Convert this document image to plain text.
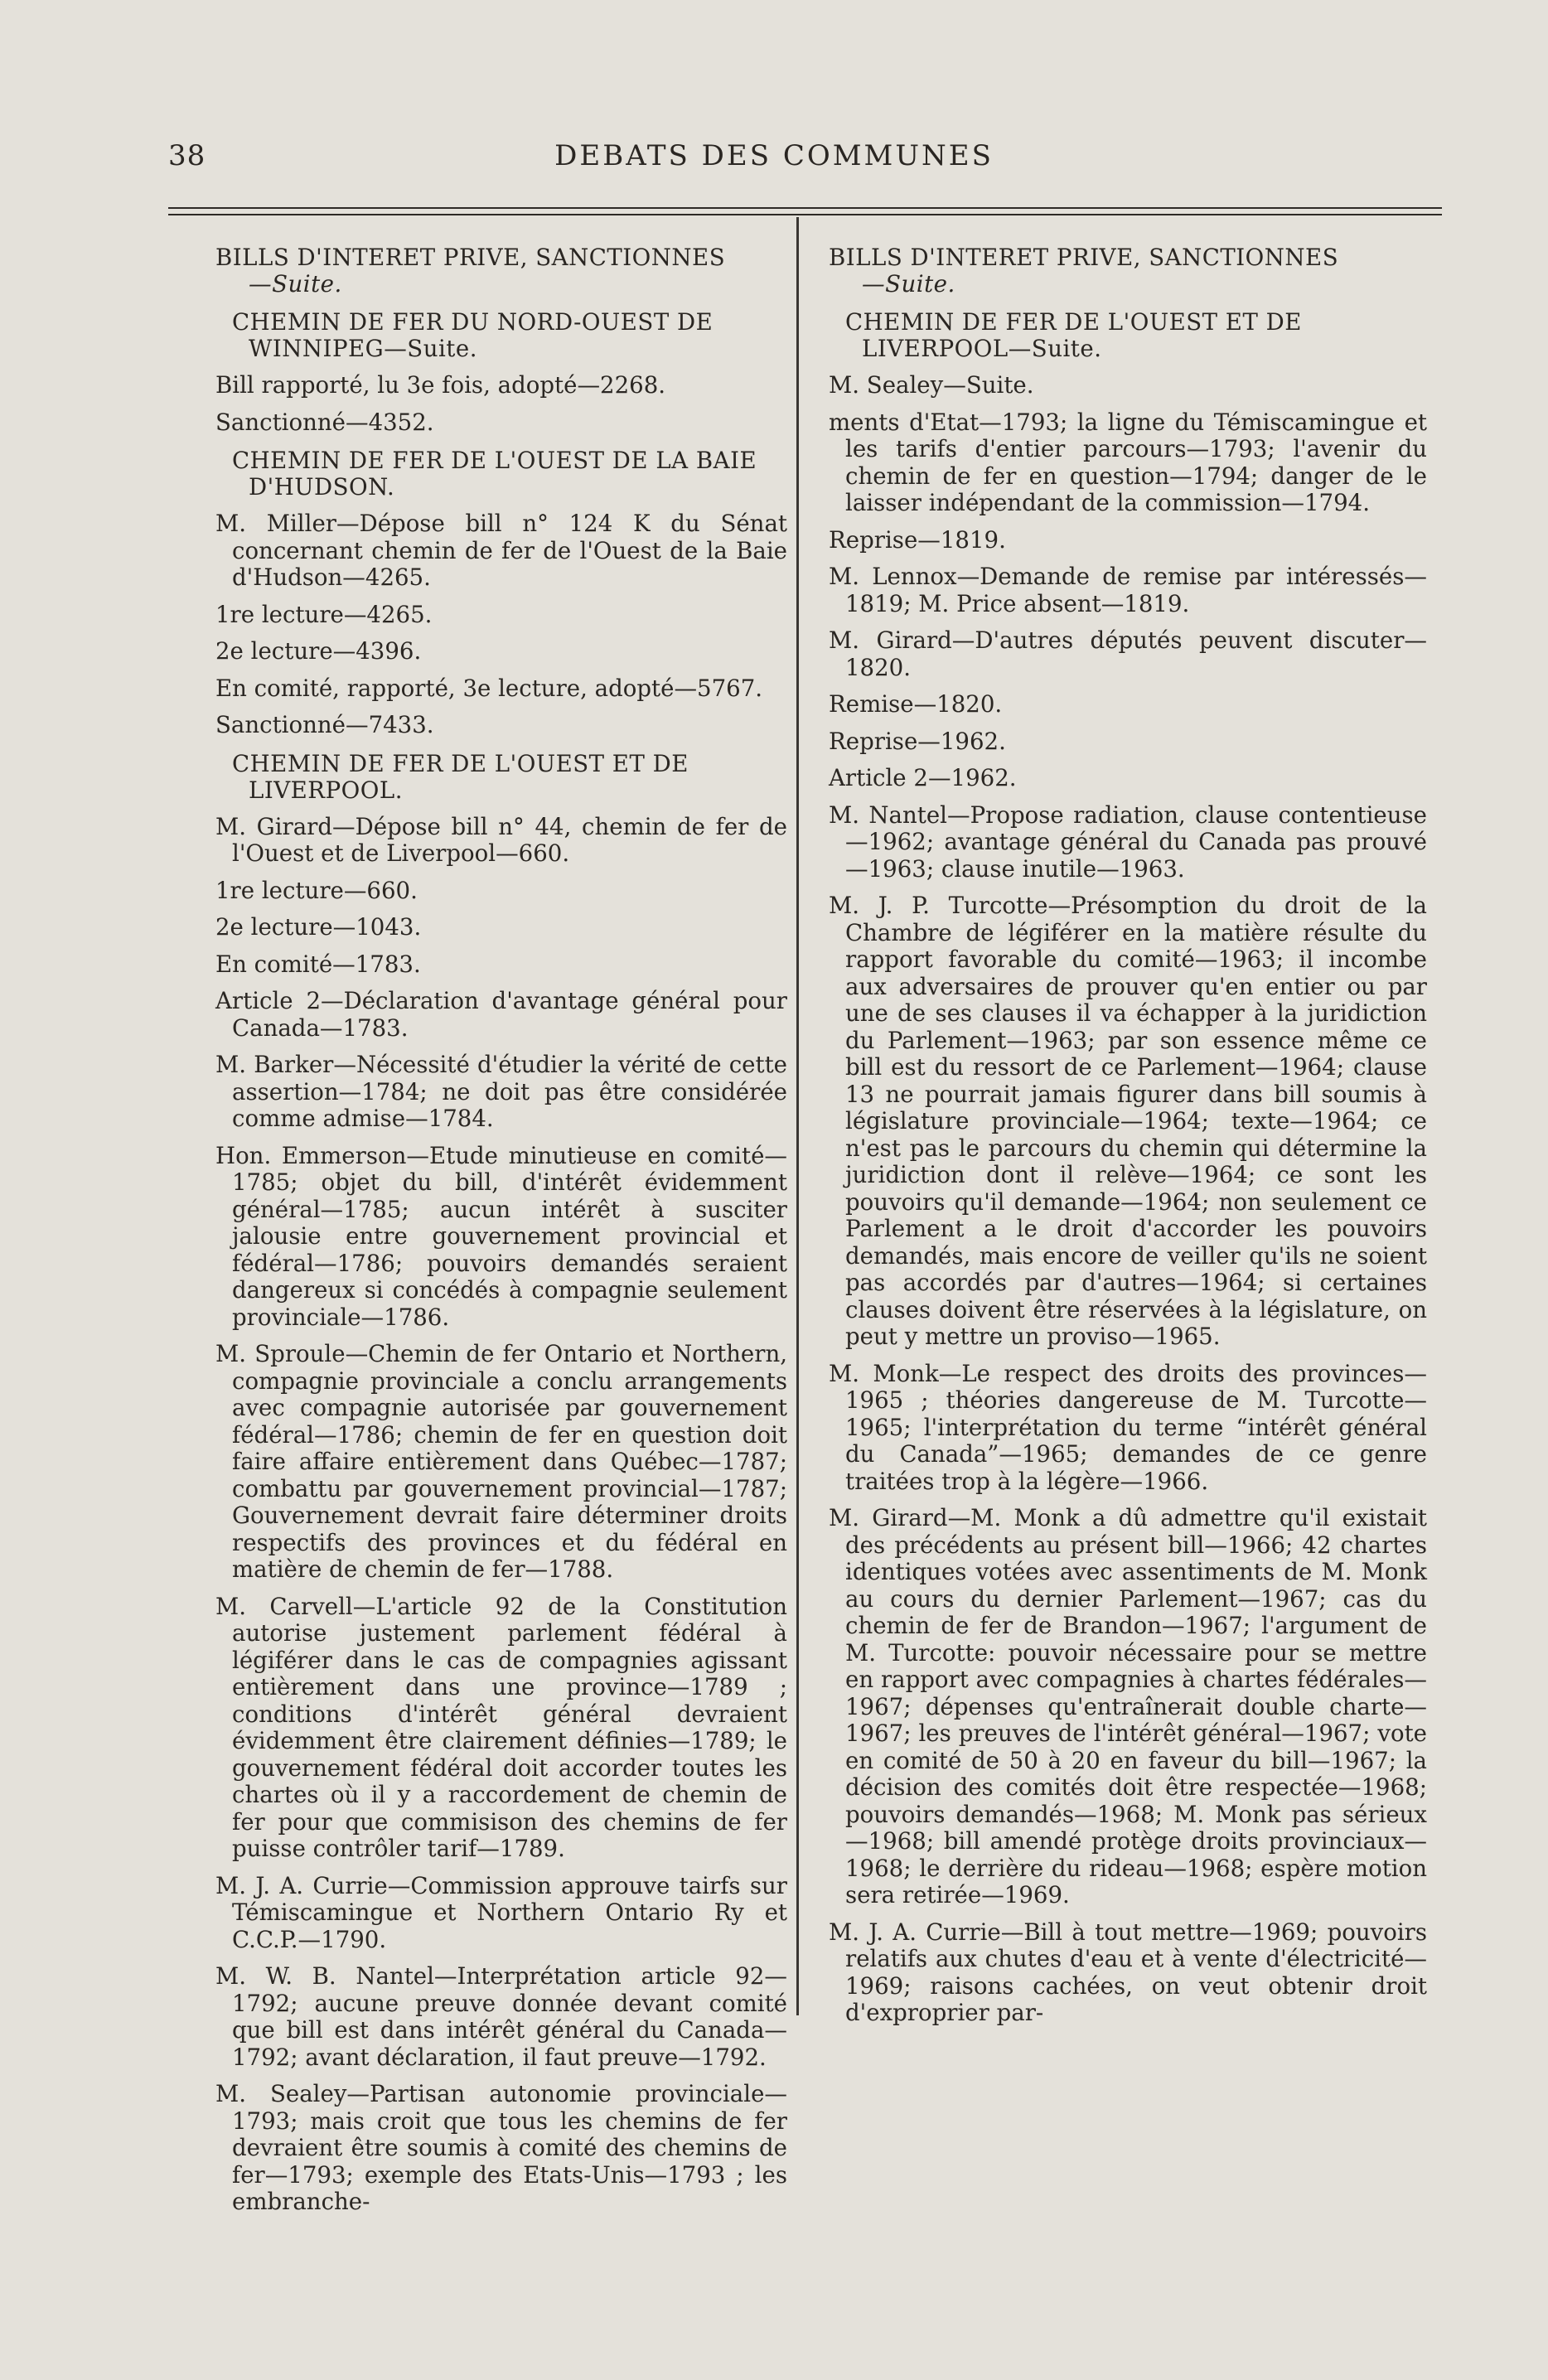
38	DEBATS DES COMMUNES
BILLS D'INTERET PRIVE, SANCTIONNES
—Suite.
CHEMIN DE FER DU NORD-OUEST DE WINNIPEG—Suite.
Bill rapporté, lu 3e fois, adopté—2268.
Sanctionné—4352.
CHEMIN DE FER DE L'OUEST DE LA BAIE D'HUDSON.
M. Miller—Dépose bill n° 124 K du Sénat concernant chemin de fer de l'Ouest de la Baie d'Hudson—4265.
1re lecture—4265.
2e lecture—4396.
En comité, rapporté, 3e lecture, adopté—5767.
Sanctionné—7433.
CHEMIN DE FER DE L'OUEST ET DE LIVERPOOL.
M. Girard—Dépose bill n° 44, chemin de fer de l'Ouest et de Liverpool—660.
1re lecture—660.
2e lecture—1043.
En comité—1783.
Article 2—Déclaration d'avantage général pour Canada—1783.
M. Barker—Nécessité d'étudier la vérité de cette assertion—1784; ne doit pas être considérée comme admise—1784.
Hon. Emmerson—Etude minutieuse en comité—1785; objet du bill, d'intérêt évidemment général—1785; aucun intérêt à susciter jalousie entre gouvernement provincial et fédéral—1786; pouvoirs demandés seraient dangereux si concédés à compagnie seulement provinciale—1786.
M. Sproule—Chemin de fer Ontario et Northern, compagnie provinciale a conclu arrangements avec compagnie autorisée par gouvernement fédéral—1786; chemin de fer en question doit faire affaire entièrement dans Québec—1787; combattu par gouvernement provincial—1787; Gouvernement devrait faire déterminer droits respectifs des provinces et du fédéral en matière de chemin de fer—1788.
M. Carvell—L'article 92 de la Constitution autorise justement parlement fédéral à légiférer dans le cas de compagnies agissant entièrement dans une province—1789 ; conditions d'intérêt général devraient évidemment être clairement définies—1789; le gouvernement fédéral doit accorder toutes les chartes où il y a raccordement de chemin de fer pour que commisison des chemins de fer puisse contrôler tarif—1789.
M. J. A. Currie—Commission approuve tairfs sur Témiscamingue et Northern Ontario Ry et C.C.P.—1790.
M. W. B. Nantel—Interprétation article 92—1792; aucune preuve donnée devant comité que bill est dans intérêt général du Canada—1792; avant déclaration, il faut preuve—1792.
M. Sealey—Partisan autonomie provinciale—1793; mais croit que tous les chemins de fer devraient être soumis à comité des chemins de fer—1793; exemple des Etats-Unis—1793 ; les embranche-
BILLS D'INTERET PRIVE, SANCTIONNES
—Suite.
CHEMIN DE FER DE L'OUEST ET DE LIVERPOOL—Suite.
M. Sealey—Suite.
ments d'Etat—1793; la ligne du Témiscamingue et les tarifs d'entier parcours—1793; l'avenir du chemin de fer en question—1794; danger de le laisser indépendant de la commission—1794.
Reprise—1819.
M. Lennox—Demande de remise par intéressés—1819; M. Price absent—1819.
M. Girard—D'autres députés peuvent discuter—1820.
Remise—1820.
Reprise—1962.
Article 2—1962.
M. Nantel—Propose radiation, clause contentieuse—1962; avantage général du Canada pas prouvé—1963; clause inutile—1963.
M. J. P. Turcotte—Présomption du droit de la Chambre de légiférer en la matière résulte du rapport favorable du comité—1963; il incombe aux adversaires de prouver qu'en entier ou par une de ses clauses il va échapper à la juridiction du Parlement—1963; par son essence même ce bill est du ressort de ce Parlement—1964; clause 13 ne pourrait jamais figurer dans bill soumis à législature provinciale—1964; texte—1964; ce n'est pas le parcours du chemin qui détermine la juridiction dont il relève—1964; ce sont les pouvoirs qu'il demande—1964; non seulement ce Parlement a le droit d'accorder les pouvoirs demandés, mais encore de veiller qu'ils ne soient pas accordés par d'autres—1964; si certaines clauses doivent être réservées à la législature, on peut y mettre un proviso—1965.
M. Monk—Le respect des droits des provinces—1965 ; théories dangereuse de M. Turcotte—1965; l'interprétation du terme “intérêt général du Canada”—1965; demandes de ce genre traitées trop à la légère—1966.
M. Girard—M. Monk a dû admettre qu'il existait des précédents au présent bill—1966; 42 chartes identiques votées avec assentiments de M. Monk au cours du dernier Parlement—1967; cas du chemin de fer de Brandon—1967; l'argument de M. Turcotte: pouvoir nécessaire pour se mettre en rapport avec compagnies à chartes fédérales—1967; dépenses qu'entraînerait double charte—1967; les preuves de l'intérêt général—1967; vote en comité de 50 à 20 en faveur du bill—1967; la décision des comités doit être respectée—1968; pouvoirs demandés—1968; M. Monk pas sérieux—1968; bill amendé protège droits provinciaux—1968; le derrière du rideau—1968; espère motion sera retirée—1969.
M. J. A. Currie—Bill à tout mettre—1969; pouvoirs relatifs aux chutes d'eau et à vente d'électricité—1969; raisons cachées, on veut obtenir droit d'exproprier par-
